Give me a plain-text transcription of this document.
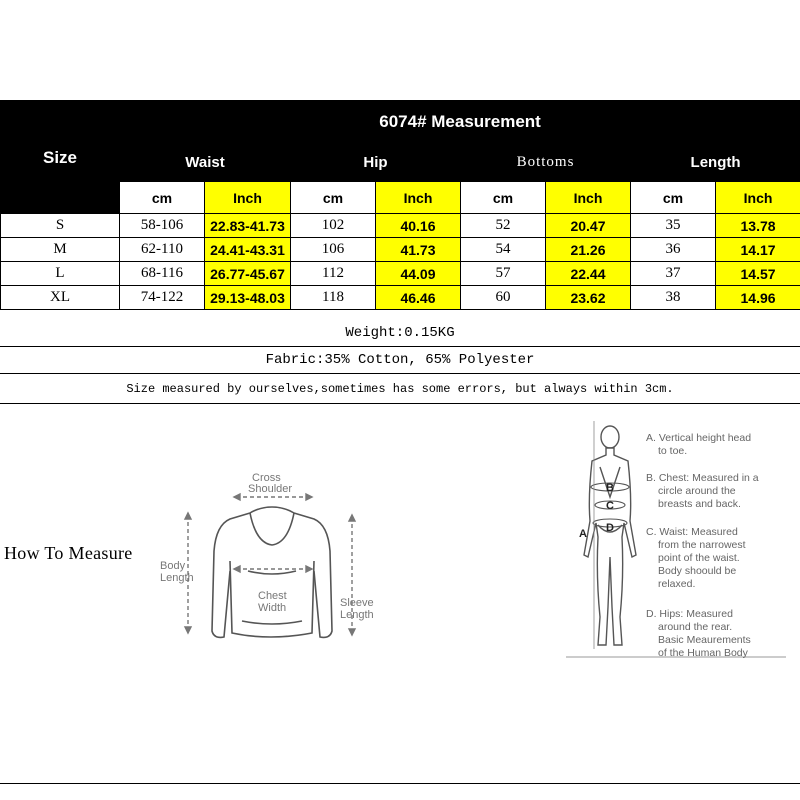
Size	6074# Measurement							
	Waist		Hip		Bottoms		Length	
	cm	Inch	cm	Inch	cm	Inch	cm	Inch
S	58-106	22.83-41.73	102	40.16	52	20.47	35	13.78
M	62-110	24.41-43.31	106	41.73	54	21.26	36	14.17
L	68-116	26.77-45.67	112	44.09	57	22.44	37	14.57
XL	74-122	29.13-48.03	118	46.46	60	23.62	38	14.96
Weight:0.15KG
Fabric:35% Cotton, 65% Polyester
Size measured by ourselves,sometimes has some errors, but always within 3cm.
How To Measure
Cross
Shoulder
Body
Length
Chest
Width	Sleeve
Length
A
B
C
D
A. Vertical height head
to toe.
B. Chest: Measured in a
circle around the
breasts and back.
C. Waist: Measured
from the narrowest
point of the waist.
Body shoould be
relaxed.
D. Hips: Measured
around the rear.
Basic Meaurements
of the Human Body
